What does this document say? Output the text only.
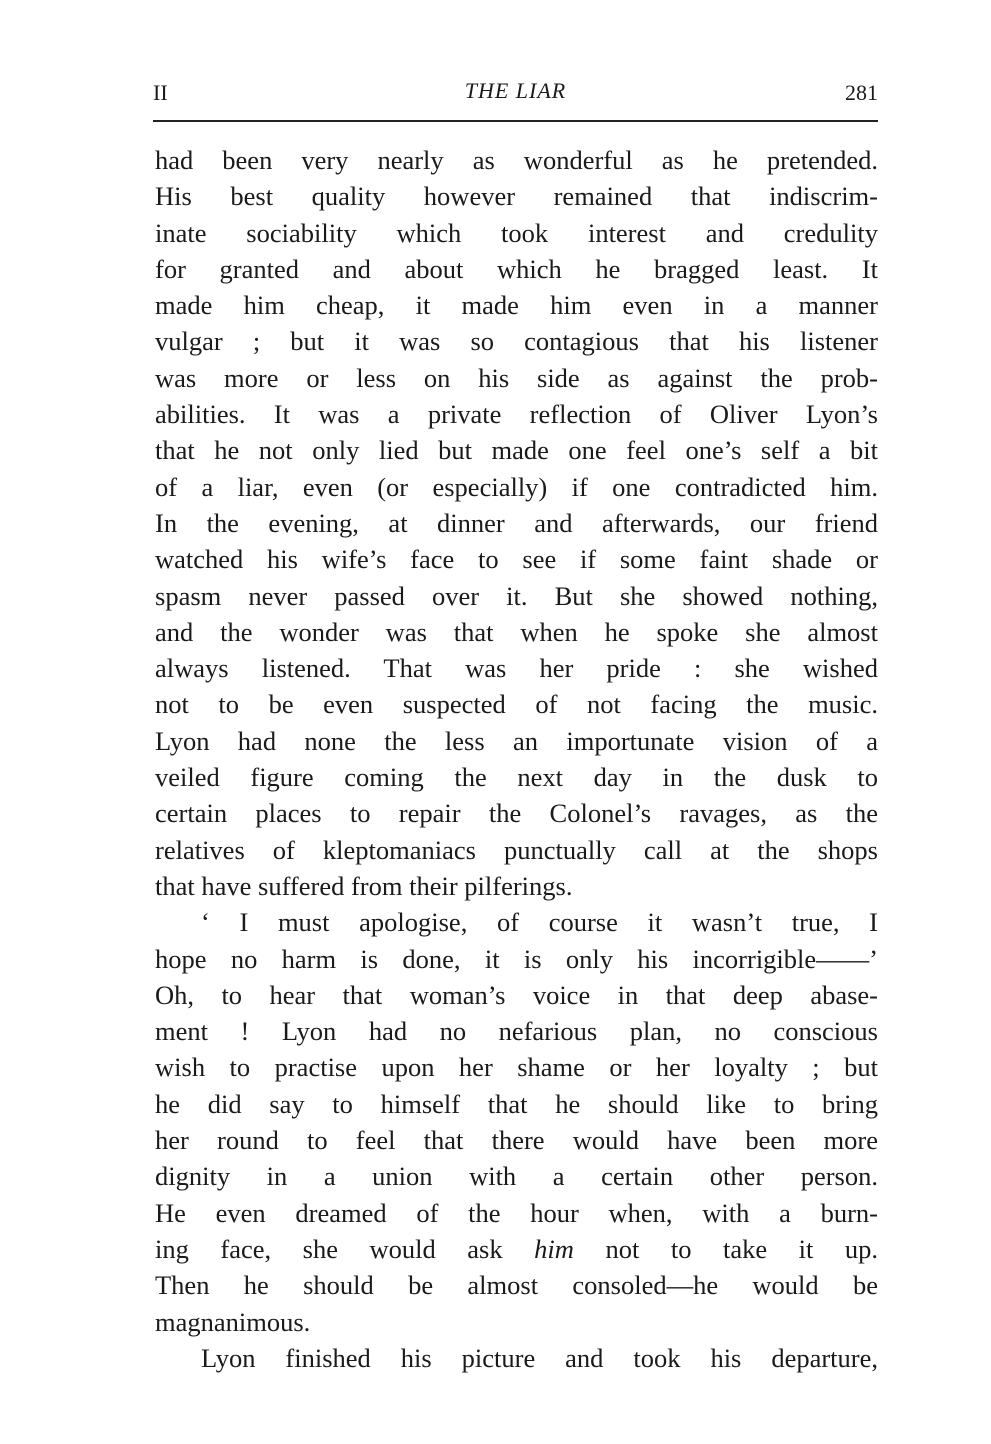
II	THE LIAR	281
had been very nearly as wonderful as he pretended.
His best quality however remained that indiscrim-
inate sociability which took interest and credulity
for granted and about which he bragged least. It
made him cheap, it made him even in a manner
vulgar ; but it was so contagious that his listener
was more or less on his side as against the prob-
abilities. It was a private reflection of Oliver Lyon’s
that he not only lied but made one feel one’s self a bit
of a liar, even (or especially) if one contradicted him.
In the evening, at dinner and afterwards, our friend
watched his wife’s face to see if some faint shade or
spasm never passed over it. But she showed nothing,
and the wonder was that when he spoke she almost
always listened. That was her pride : she wished
not to be even suspected of not facing the music.
Lyon had none the less an importunate vision of a
veiled figure coming the next day in the dusk to
certain places to repair the Colonel’s ravages, as the
relatives of kleptomaniacs punctually call at the shops
that have suffered from their pilferings.
‘ I must apologise, of course it wasn’t true, I
hope no harm is done, it is only his incorrigible——’
Oh, to hear that woman’s voice in that deep abase-
ment ! Lyon had no nefarious plan, no conscious
wish to practise upon her shame or her loyalty ; but
he did say to himself that he should like to bring
her round to feel that there would have been more
dignity in a union with a certain other person.
He even dreamed of the hour when, with a burn-
ing face, she would ask him not to take it up.
Then he should be almost consoled—he would be
magnanimous.
Lyon finished his picture and took his departure,
